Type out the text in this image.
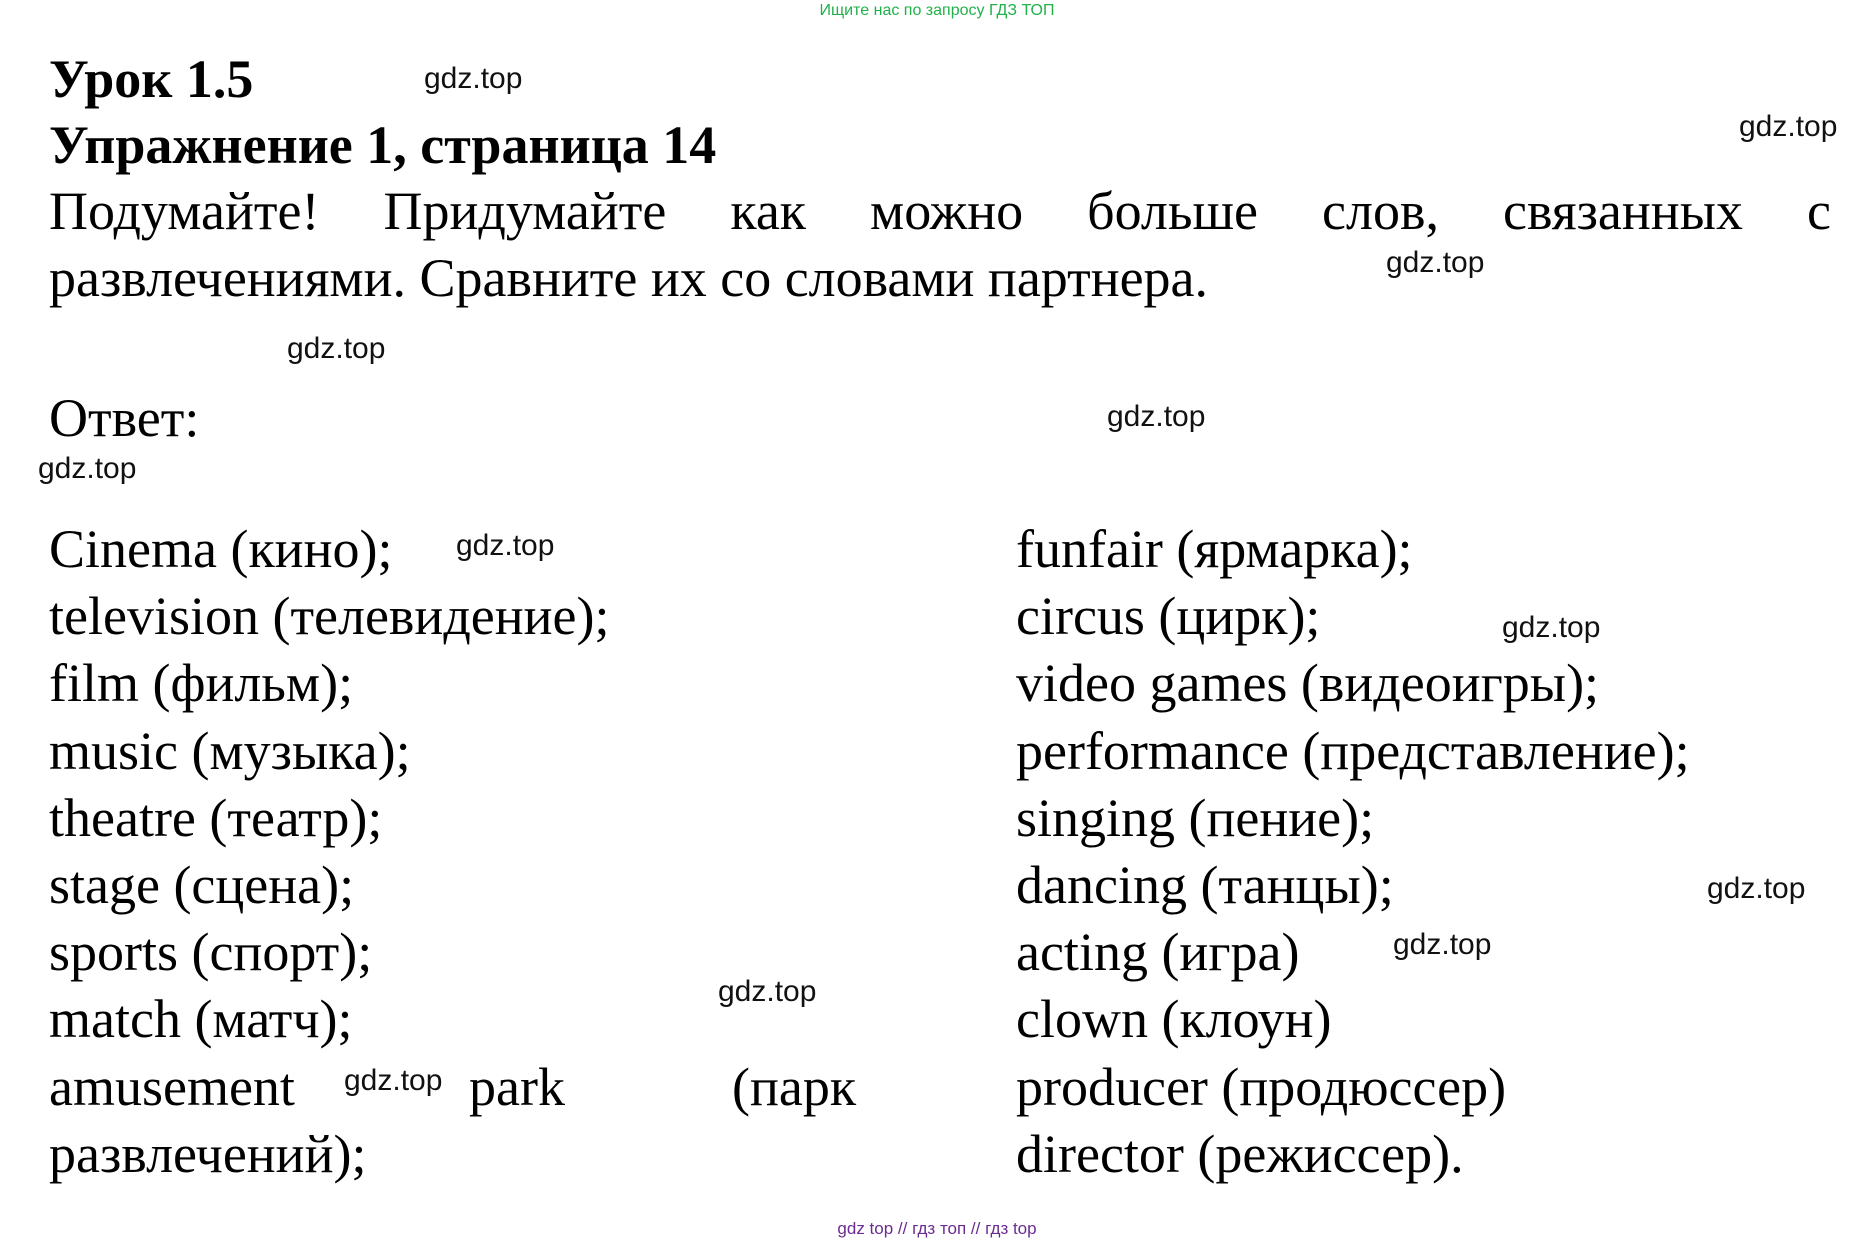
Ищите нас по запросу ГДЗ ТОП
Урок 1.5
Упражнение 1, страница 14
Подумайте! Придумайте как можно больше слов, связанных с развлечениями. Сравните их со словами партнера.
Ответ:
Cinema (кино);
television (телевидение);
film (фильм);
music (музыка);
theatre (театр);
stage (сцена);
sports (спорт);
match (матч);
amusement	park	(парк

развлечений);
funfair (ярмарка);
circus (цирк);
video games (видеоигры);
performance (представление);
singing (пение);
dancing (танцы);
acting (игра)
clown (клоун)
producer (продюссер)
director (режиссер).
gdz.top
gdz.top
gdz.top
gdz.top
gdz.top
gdz.top
gdz.top
gdz.top
gdz.top
gdz.top
gdz.top
gdz.top
gdz top // гдз топ // гдз top
